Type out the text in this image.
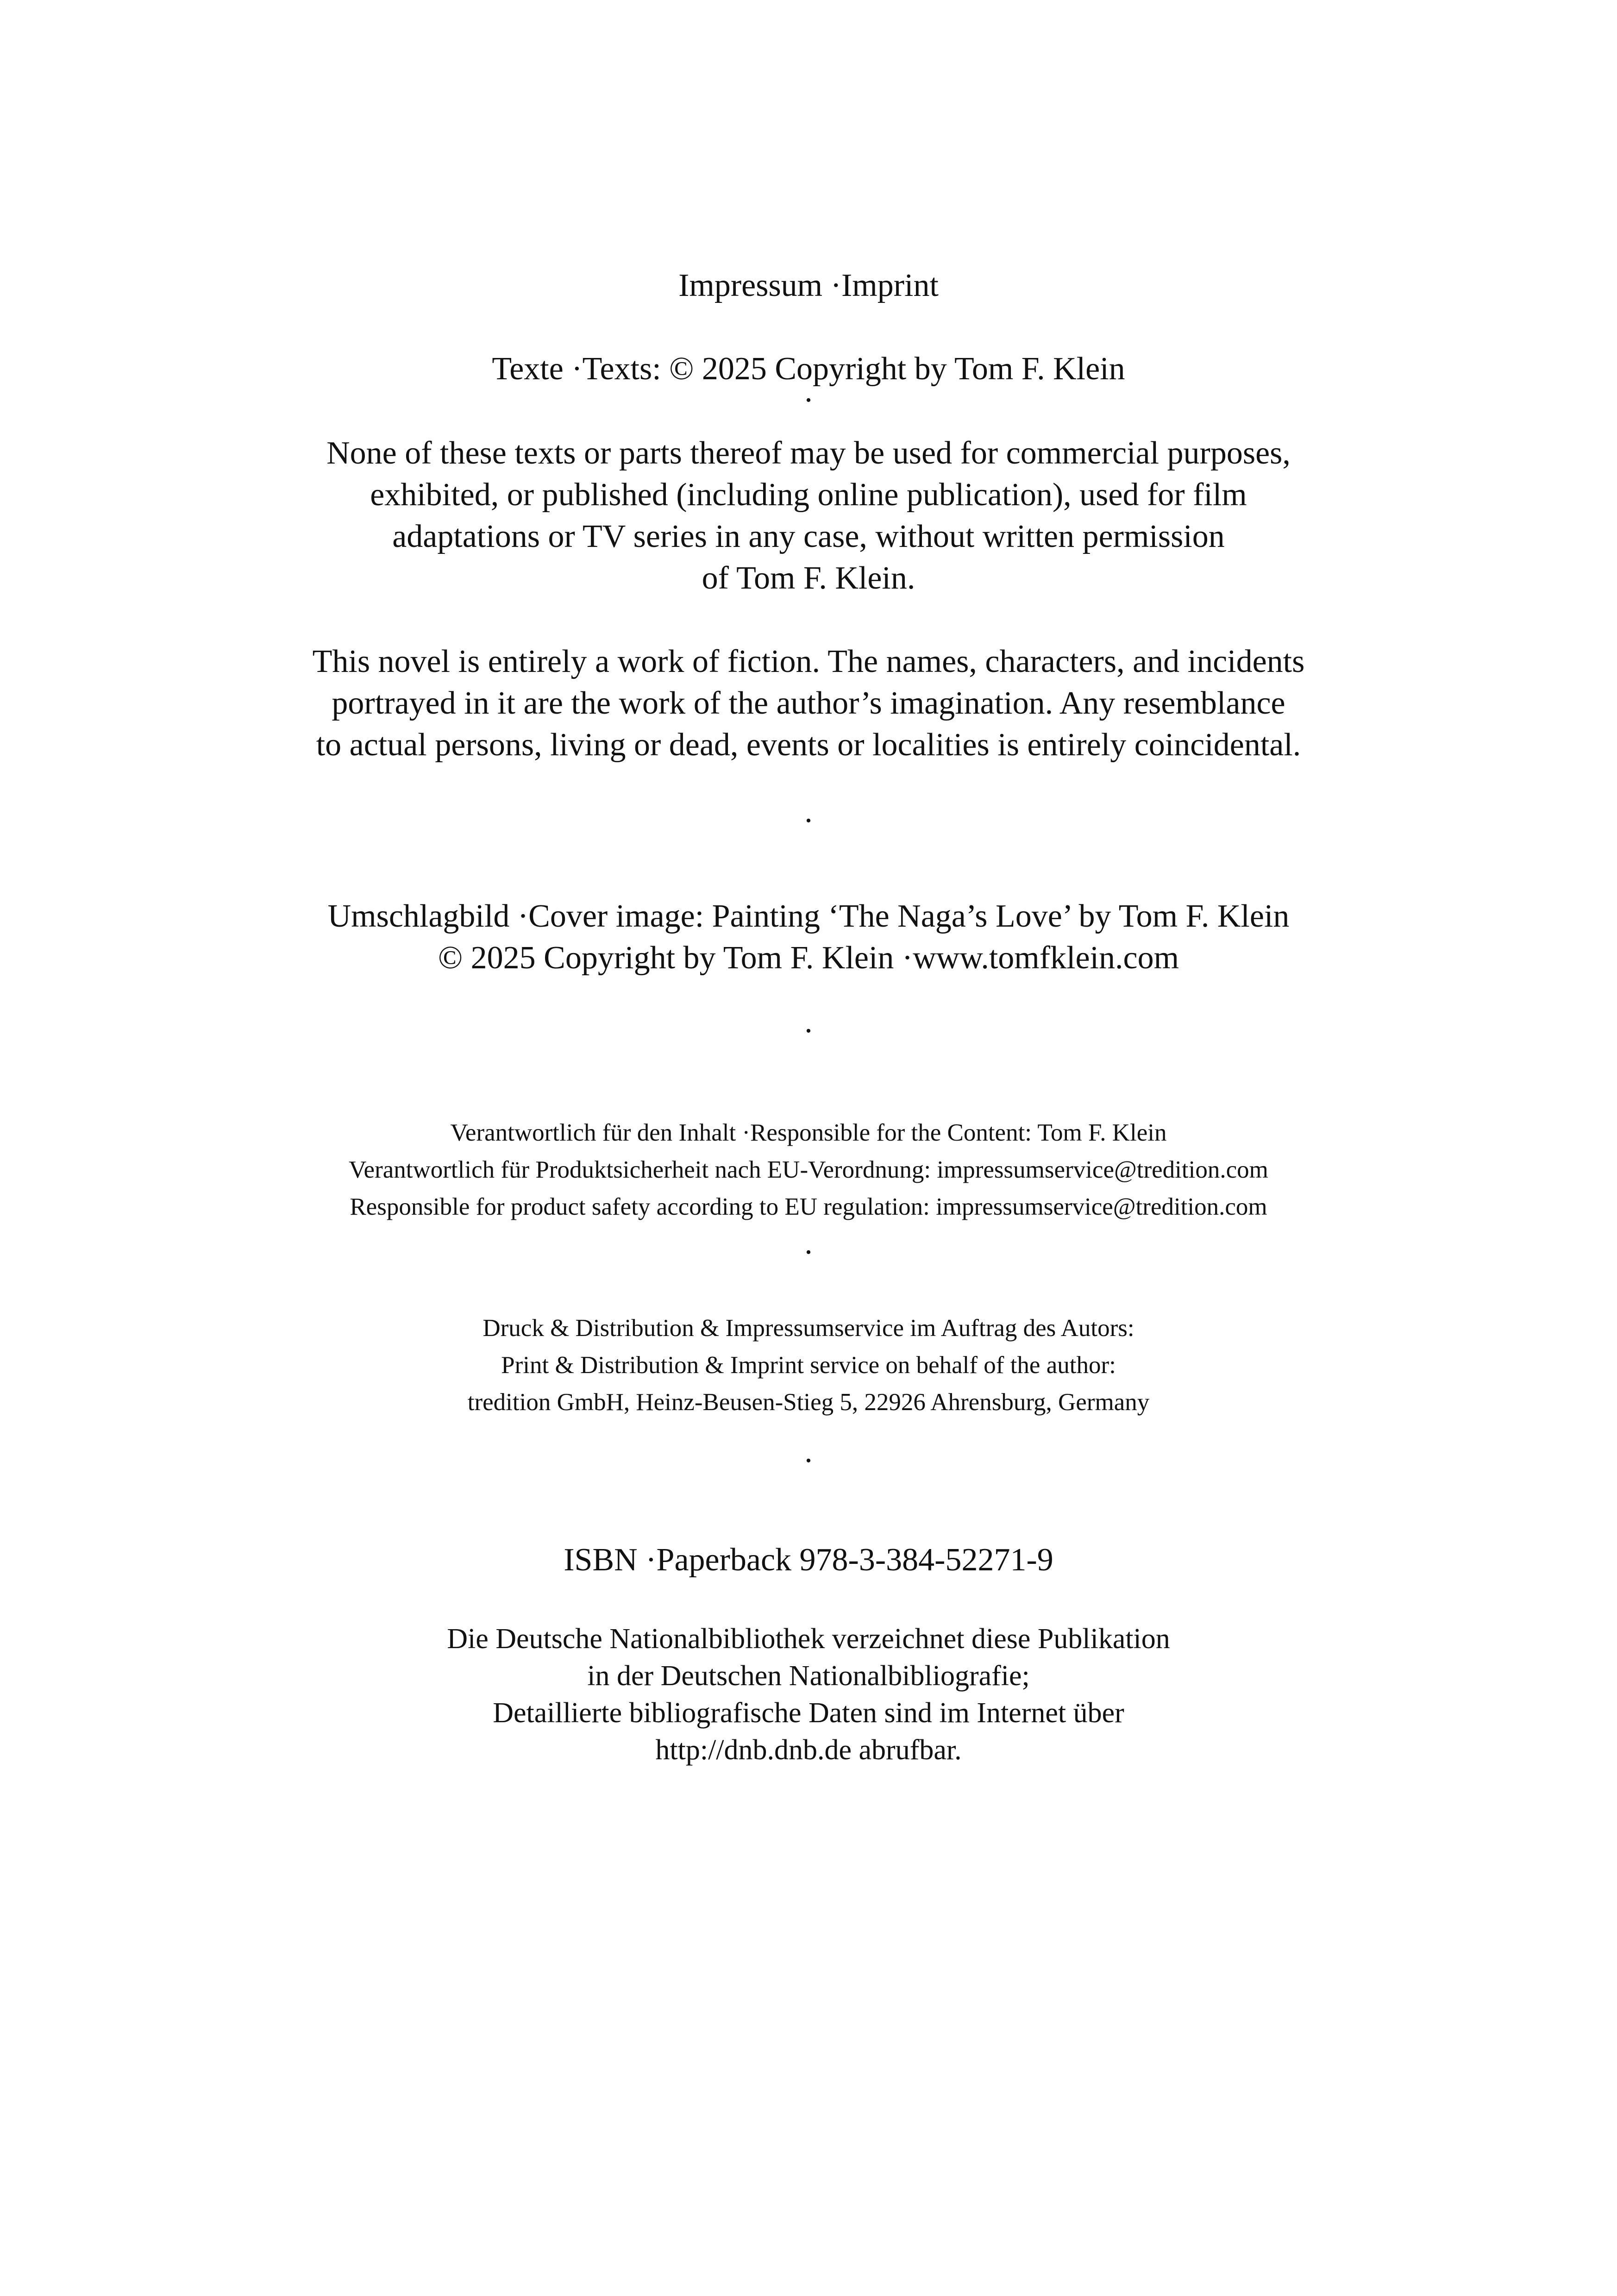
Impressum ·Imprint
Texte ·Texts: © 2025 Copyright by Tom F. Klein
·
None of these texts or parts thereof may be used for commercial purposes,
exhibited, or published (including online publication), used for film
adaptations or TV series in any case, without written permission
of Tom F. Klein.
This novel is entirely a work of fiction. The names, characters, and incidents
portrayed in it are the work of the author’s imagination. Any resemblance
to actual persons, living or dead, events or localities is entirely coincidental.
.
Umschlagbild ·Cover image: Painting ‘The Naga’s Love’ by Tom F. Klein
© 2025 Copyright by Tom F. Klein ·www.tomfklein.com
.
Verantwortlich für den Inhalt ·Responsible for the Content: Tom F. Klein
Verantwortlich für Produktsicherheit nach EU-Verordnung: impressumservice@tredition.com
Responsible for product safety according to EU regulation: impressumservice@tredition.com
.
Druck & Distribution & Impressumservice im Auftrag des Autors:
Print & Distribution & Imprint service on behalf of the author:
tredition GmbH, Heinz-Beusen-Stieg 5, 22926 Ahrensburg, Germany
.
ISBN ·Paperback 978-3-384-52271-9
Die Deutsche Nationalbibliothek verzeichnet diese Publikation
in der Deutschen Nationalbibliografie;
Detaillierte bibliografische Daten sind im Internet über
http://dnb.dnb.de abrufbar.
